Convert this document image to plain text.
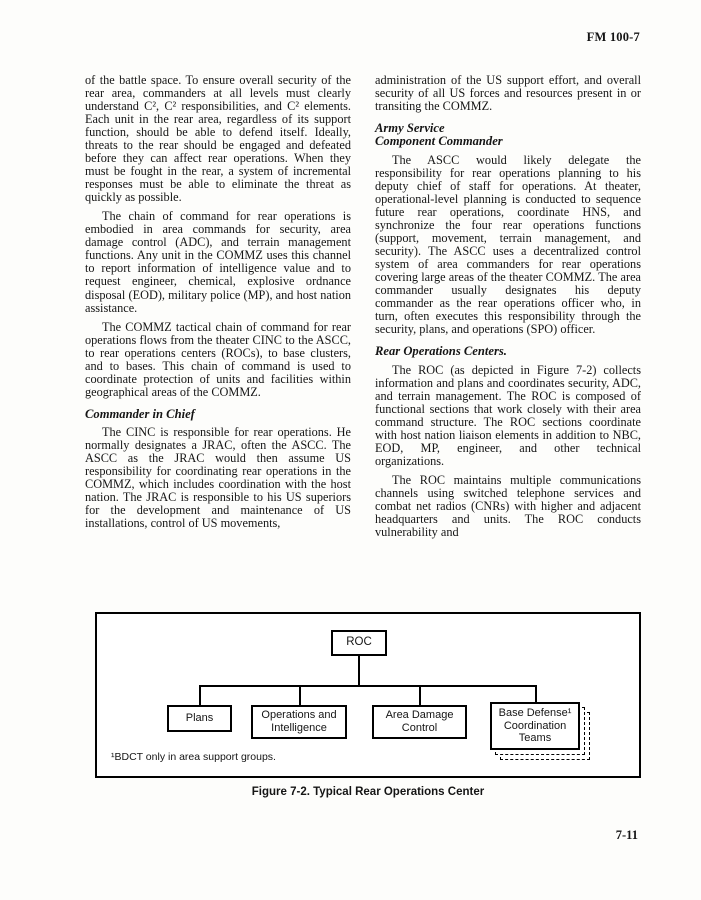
FM 100-7

of the battle space. To ensure overall security of the rear area, commanders at all levels must clearly understand C², C² responsibilities, and C² elements. Each unit in the rear area, regardless of its support function, should be able to defend itself. Ideally, threats to the rear should be engaged and defeated before they can affect rear operations. When they must be fought in the rear, a system of incremental responses must be able to eliminate the threat as quickly as possible.

The chain of command for rear operations is embodied in area commands for security, area damage control (ADC), and terrain management functions. Any unit in the COMMZ uses this channel to report information of intelligence value and to request engineer, chemical, explosive ordnance disposal (EOD), military police (MP), and host nation assistance.

The COMMZ tactical chain of command for rear operations flows from the theater CINC to the ASCC, to rear operations centers (ROCs), to base clusters, and to bases. This chain of command is used to coordinate protection of units and facilities within geographical areas of the COMMZ.

Commander in Chief

The CINC is responsible for rear operations. He normally designates a JRAC, often the ASCC. The ASCC as the JRAC would then assume US responsibility for coordinating rear operations in the COMMZ, which includes coordination with the host nation. The JRAC is responsible to his US superiors for the development and maintenance of US installations, control of US movements,

administration of the US support effort, and overall security of all US forces and resources present in or transiting the COMMZ.

Army Service
Component Commander

The ASCC would likely delegate the responsibility for rear operations planning to his deputy chief of staff for operations. At theater, operational-level planning is conducted to sequence future rear operations, coordinate HNS, and synchronize the four rear operations functions (support, movement, terrain management, and security). The ASCC uses a decentralized control system of area commanders for rear operations covering large areas of the theater COMMZ. The area commander usually designates his deputy commander as the rear operations officer who, in turn, often executes this responsibility through the security, plans, and operations (SPO) officer.

Rear Operations Centers.

The ROC (as depicted in Figure 7-2) collects information and plans and coordinates security, ADC, and terrain management. The ROC is composed of functional sections that work closely with their area command structure. The ROC sections coordinate with host nation liaison elements in addition to NBC, EOD, MP, engineer, and other technical organizations.

The ROC maintains multiple communications channels using switched telephone services and combat net radios (CNRs) with higher and adjacent headquarters and units. The ROC conducts vulnerability and

ROC
Plans	Operations and Intelligence
Area Damage Control
Base Defense¹ Coordination Teams
¹BDCT only in area support groups.
Figure 7-2. Typical Rear Operations Center
7-11
